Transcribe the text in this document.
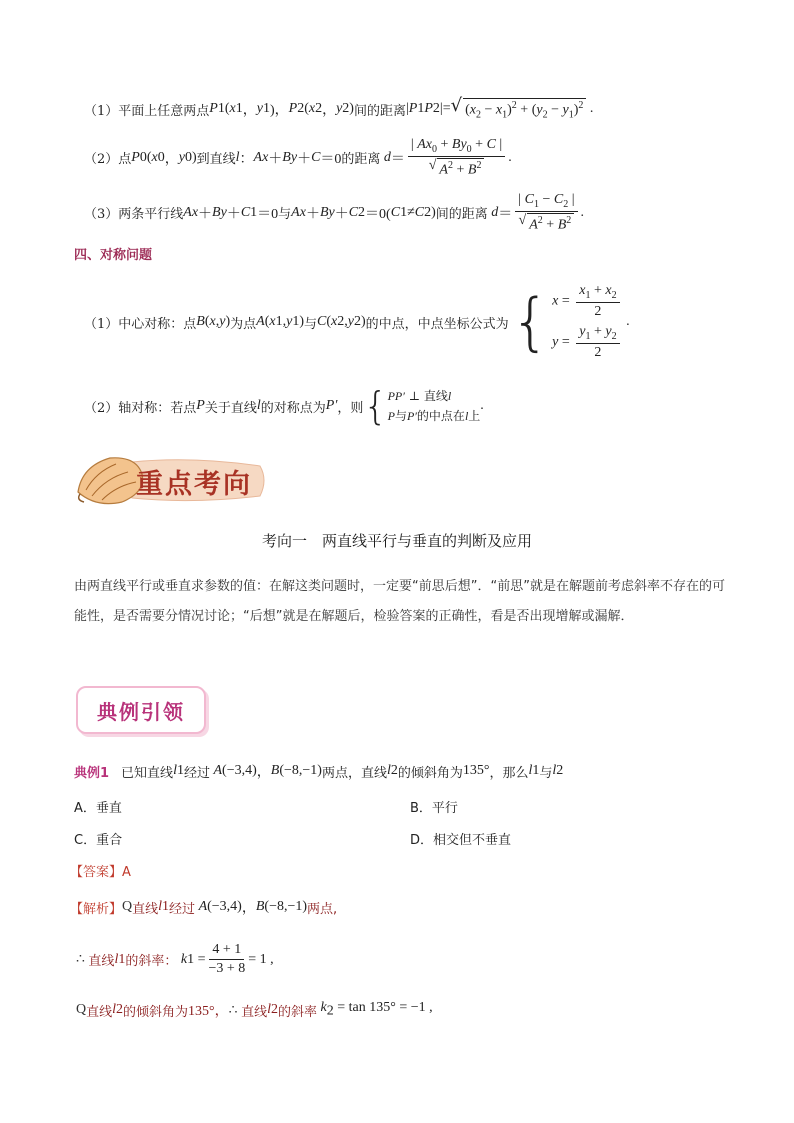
（1）平面上任意两点 P 1 ( x 1 ， y 1 )， P 2 ( x 2 ， y 2 ) 间的距离 | P 1 P 2 |= √ $(x_2 - x_1)^2 + (y_2 - y_1)^2$ .
（2）点 P 0 ( x 0 ， y 0 ) 到直线 l ： Ax ＋ By ＋ C ＝0 的距离 $d = \frac{| Ax_0 + By_0 + C |}{√ A^2 + B^2}$ .
（3）两条平行线 Ax ＋ By ＋ C 1 ＝0 与 Ax ＋ By ＋ C 2 ＝0( C 1 ≠ C 2 ) 间的距离 $d = \frac{| C_1 - C_2 |}{√ A^2 + B^2}$ .
四、对称问题
（1）中心对称：点 B ( x , y ) 为点 A ( x 1 , y 1 ) 与 C ( x 2 , y 2 ) 的中点，中点坐标公式为 { $x = \frac{x_1 + x_2}{2}$
$y = \frac{y_1 + y_2}{2}$
.
（2）轴对称：若点 P 关于直线 l 的对称点为 P′ ，则 { PP′ ⊥ 直线l
P与P′的中点在l上
.
重点考向
考向一　两直线平行与垂直的判断及应用
由两直线平行或垂直求参数的值：在解这类问题时，一定要“前思后想”．“前思”就是在解题前考虑斜率不存在的可能性，是否需要分情况讨论；“后想”就是在解题后，检验答案的正确性，看是否出现增解或漏解．
典例引领
典例1 已知直线 l 1 经过 A (−3,4) ， B (−8,−1) 两点，直线 l 2 的倾斜角为 135° ，那么 l 1 与 l 2
A．垂直	B．平行
C．重合	D．相交但不垂直
【答案】A
【解析】 Q 直线 l 1 经过 A (−3,4) ， B (−8,−1) 两点,
∴ 直线 l 1 的斜率： k $1 = \frac{4 + 1}{-3 + 8} = 1$ ,
Q 直线 l 2 的倾斜角为 135°， ∴ 直线 l 2 的斜率 $k_2 = \tan 135^\circ = -1$ ,
